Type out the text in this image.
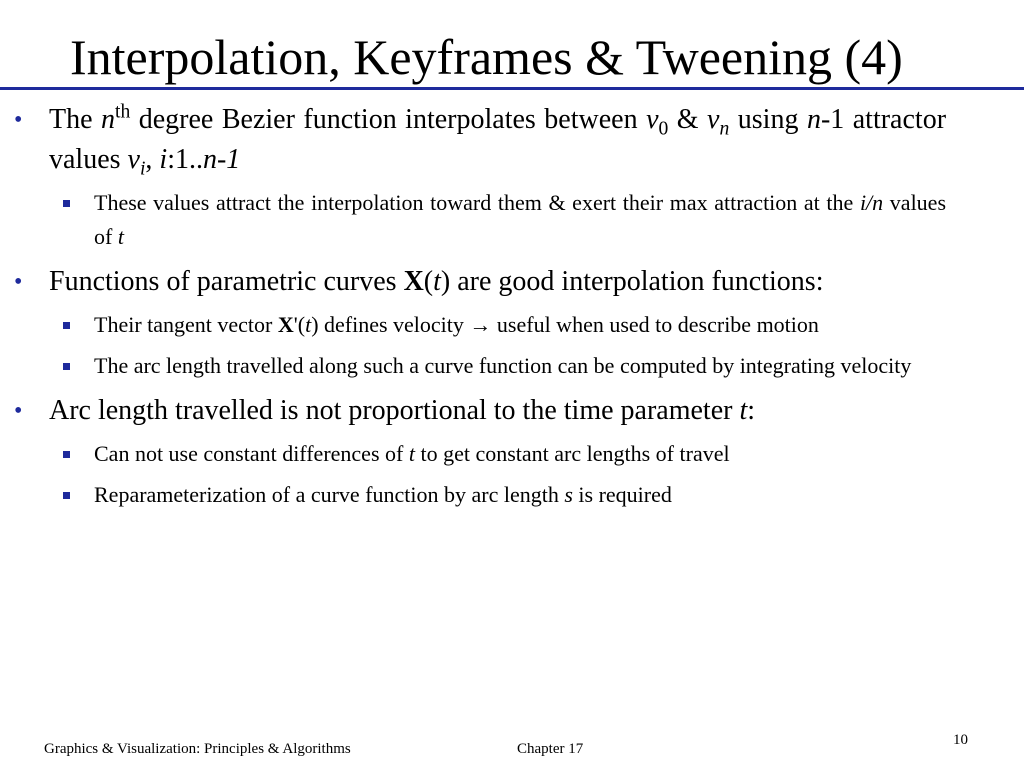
Interpolation, Keyframes & Tweening (4)
• The $n^{th}$ degree Bezier function interpolates between $v_0$ & $v_n$ using n-1 attractor values $v_i$, i:1..n-1
These values attract the interpolation toward them & exert their max attraction at the i/n values of t
• Functions of parametric curves X(t) are good interpolation functions:
Their tangent vector X'(t) defines velocity → useful when used to describe motion
The arc length travelled along such a curve function can be computed by integrating velocity
• Arc length travelled is not proportional to the time parameter t:
Can not use constant differences of t to get constant arc lengths of travel
Reparameterization of a curve function by arc length s is required
Graphics & Visualization: Principles & Algorithms	Chapter 17
10
